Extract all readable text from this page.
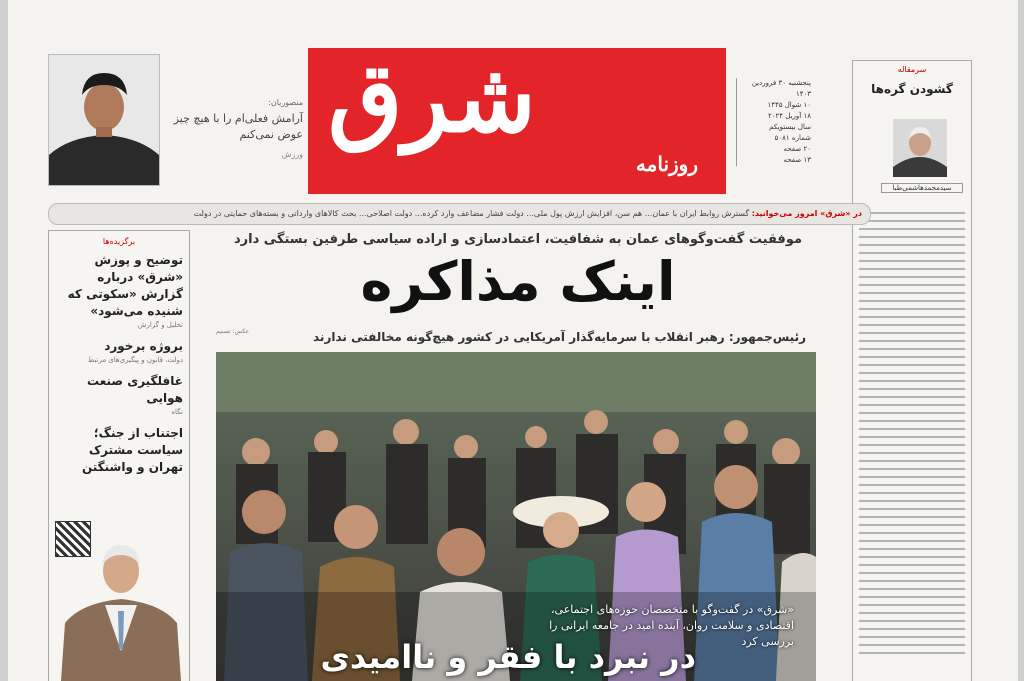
منصوریان:
آرامش فعلی‌ام را با هیچ چیز عوض نمی‌کنم
ورزش
شرق
روزنامه
پنجشنبه ۳۰ فروردین ۱۴۰۳
۱۰ شوال ۱۴۴۵
۱۸ آوریل ۲۰۲۴
سال بیستویکم
شماره ۵۰۸۱
۲۰ صفحه
۱۳ صفحه
سرمقاله
گشودن گره‌ها
سیدمحمدهاشمی‌طبا
در «شرق» امروز می‌خوانید: گسترش روابط ایران با عمان... هم سن، افزایش ارزش پول ملی... دولت فشار مضاعف وارد کرده... دولت اصلاحی... بحث کالاهای وارداتی و بسته‌های حمایتی در دولت
برگزیده‌ها
توضیح و پوزش «شرق» درباره گزارش «سکوتی که شنیده می‌شود»
تحلیل و گزارش
بروژه برخورد
دولت، قانون و پیگیری‌های مرتبط
غافلگیری صنعت هوایی
نگاه
اجتناب از جنگ؛ سیاست مشترک تهران و واشنگتن
موفقیت گفت‌وگوهای عمان به شفافیت، اعتمادسازی و اراده سیاسی طرفین بستگی دارد
اینک مذاکره
رئیس‌جمهور: رهبر انقلاب با سرمایه‌گذار آمریکایی در کشور هیچ‌گونه مخالفتی ندارند
عکس: تسنیم
«شرق» در گفت‌وگو با متخصصان حوزه‌های اجتماعی، اقتصادی و سلامت روان، آینده امید در جامعه ایرانی را بررسی کرد
در نبرد با فقر و ناامیدی
